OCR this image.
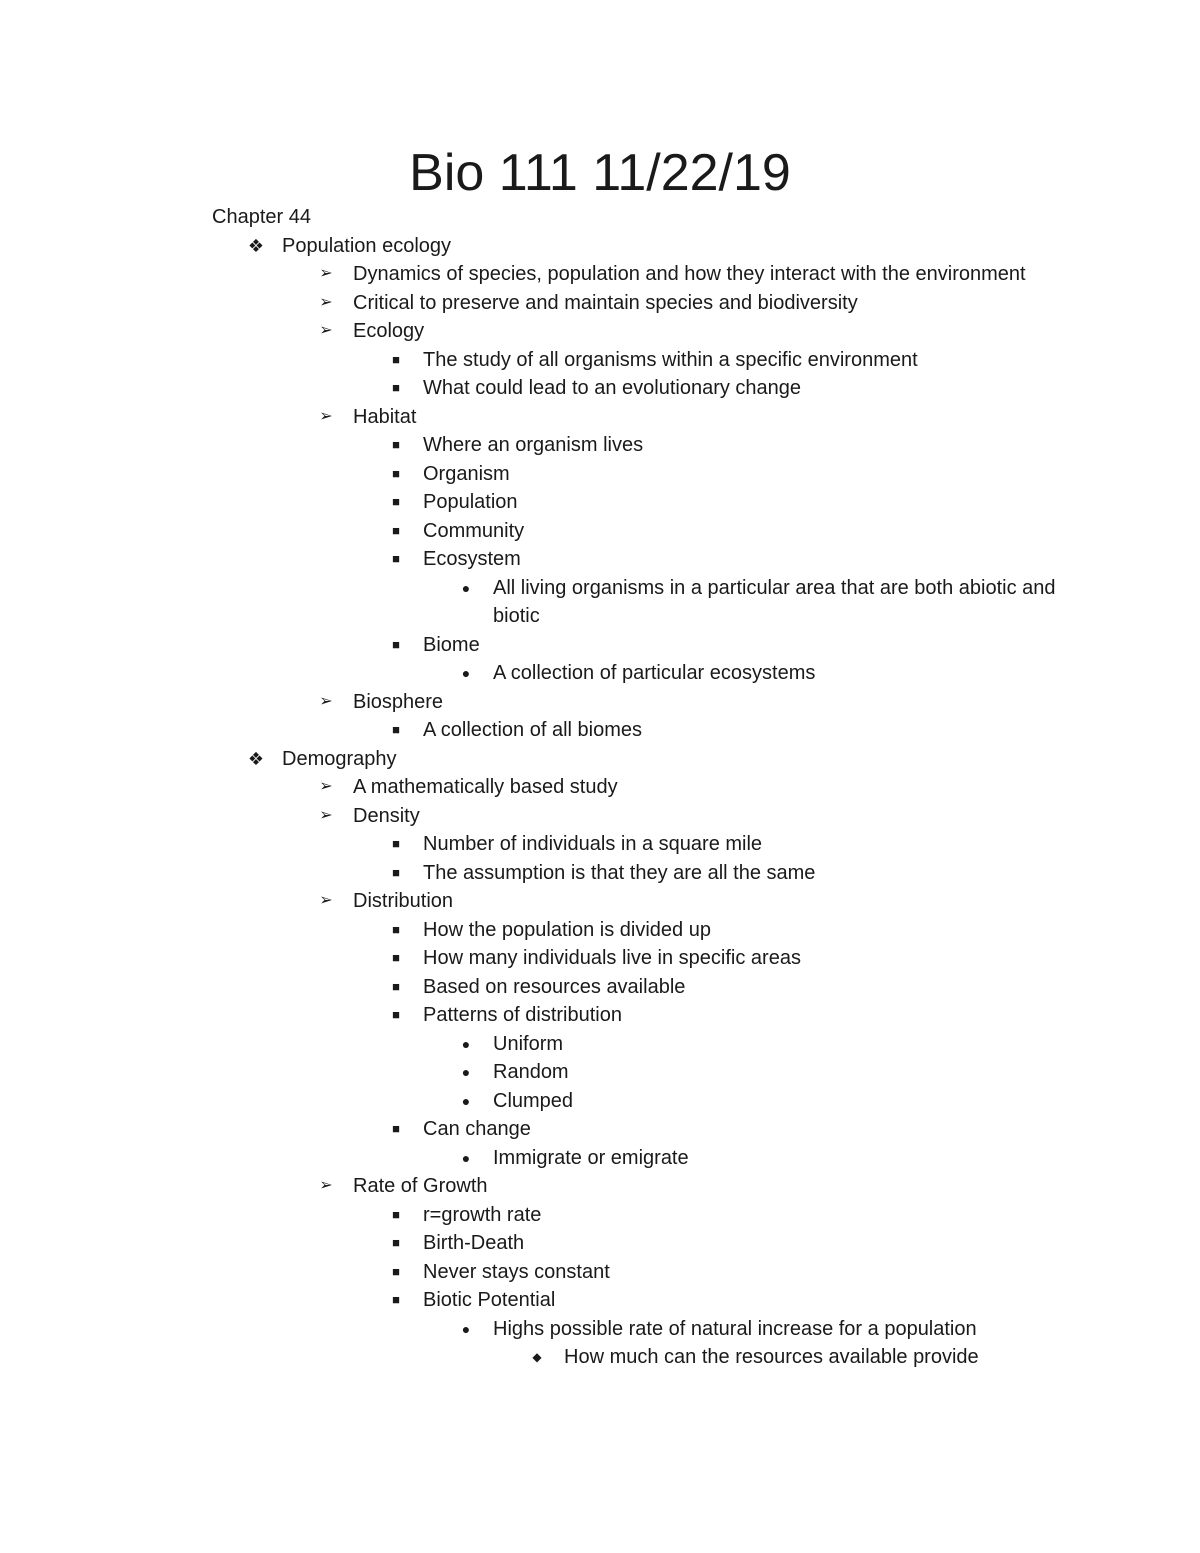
Bio 111 11/22/19
Chapter 44
❖ Population ecology
➢ Dynamics of species, population and how they interact with the environment
➢ Critical to preserve and maintain species and biodiversity
➢ Ecology
■	The study of all organisms within a specific environment
■	What could lead to an evolutionary change
➢ Habitat
■	Where an organism lives
■	Organism
■	Population
■	Community
■	Ecosystem
●	All living organisms in a particular area that are both abiotic and biotic
■	Biome
●	A collection of particular ecosystems
➢ Biosphere
■	A collection of all biomes
❖ Demography
➢ A mathematically based study
➢ Density
■	Number of individuals in a square mile
■	The assumption is that they are all the same
➢ Distribution
■	How the population is divided up
■	How many individuals live in specific areas
■	Based on resources available
■	Patterns of distribution
●	Uniform
●	Random
●	Clumped
■	Can change
●	Immigrate or emigrate
➢ Rate of Growth
■	r=growth rate
■	Birth-Death
■	Never stays constant
■	Biotic Potential
●	Highs possible rate of natural increase for a population
◆	How much can the resources available provide
